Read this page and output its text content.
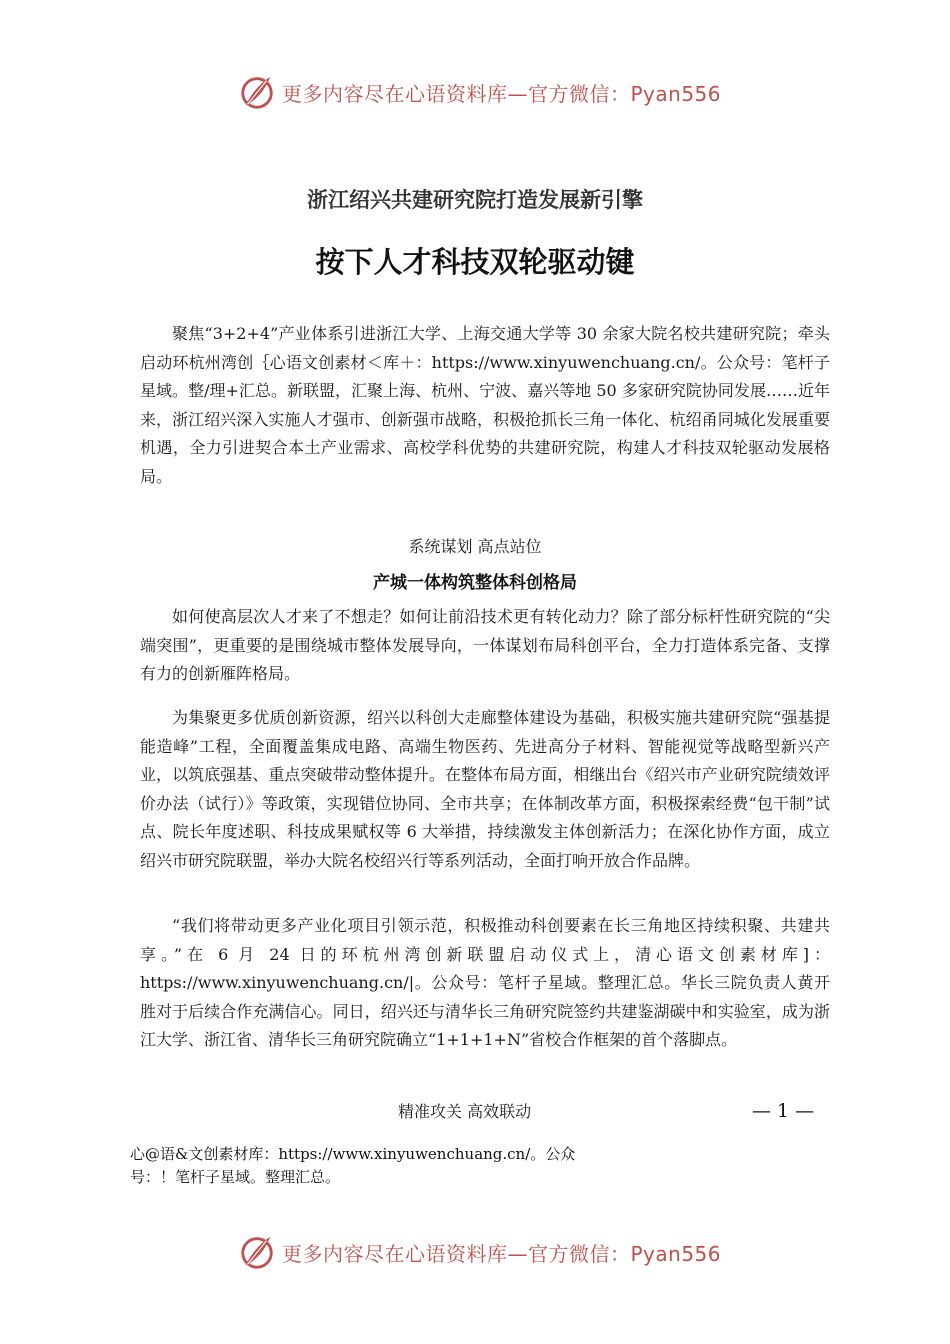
更多内容尽在心语资料库—官方微信：Pyan556
浙江绍兴共建研究院打造发展新引擎
按下人才科技双轮驱动键

聚焦“3+2+4”产业体系引进浙江大学、上海交通大学等 30 余家大院名校共建研究院；牵头启动环杭州湾创｛心语文创素材＜库＋：https://www.xinyuwenchuang.cn/。公众号：笔杆子星域。整/理+汇总。新联盟，汇聚上海、杭州、宁波、嘉兴等地 50 多家研究院协同发展……近年来，浙江绍兴深入实施人才强市、创新强市战略，积极抢抓长三角一体化、杭绍甬同城化发展重要机遇，全力引进契合本土产业需求、高校学科优势的共建研究院，构建人才科技双轮驱动发展格局。

系统谋划 高点站位
产城一体构筑整体科创格局

如何使高层次人才来了不想走？如何让前沿技术更有转化动力？除了部分标杆性研究院的“尖端突围”，更重要的是围绕城市整体发展导向，一体谋划布局科创平台，全力打造体系完备、支撑有力的创新雁阵格局。

为集聚更多优质创新资源，绍兴以科创大走廊整体建设为基础，积极实施共建研究院“强基提能造峰”工程，全面覆盖集成电路、高端生物医药、先进高分子材料、智能视觉等战略型新兴产业，以筑底强基、重点突破带动整体提升。在整体布局方面，相继出台《绍兴市产业研究院绩效评价办法（试行）》等政策，实现错位协同、全市共享；在体制改革方面，积极探索经费“包干制”试点、院长年度述职、科技成果赋权等 6 大举措，持续激发主体创新活力；在深化协作方面，成立绍兴市研究院联盟，举办大院名校绍兴行等系列活动，全面打响开放合作品牌。

“我们将带动更多产业化项目引领示范，积极推动科创要素在长三角地区持续积聚、共建共享。”在 6 月 24 日的环杭州湾创新联盟启动仪式上，清心语文创素材库]：https://www.xinyuwenchuang.cn/|。公众号：笔杆子星域。整理汇总。华长三院负责人黄开胜对于后续合作充满信心。同日，绍兴还与清华长三角研究院签约共建鉴湖碳中和实验室，成为浙江大学、浙江省、清华长三角研究院确立“1+1+1+N”省校合作框架的首个落脚点。

精准攻关 高效联动	— 1 —

心@语&文创素材库：https://www.xinyuwenchuang.cn/。公众号：！笔杆子星域。整理汇总。

更多内容尽在心语资料库—官方微信：Pyan556
